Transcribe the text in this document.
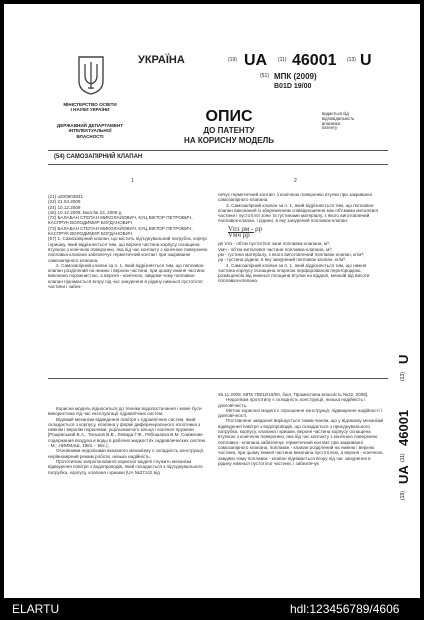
УКРАЇНА	(19) UA (11) 46001 (13) U
(51) МПК (2009)
B01D 19/00
МІНІСТЕРСТВО ОСВІТИ
І НАУКИ УКРАЇНИ
ДЕРЖАВНИЙ ДЕПАРТАМЕНТ
ІНТЕЛЕКТУАЛЬНОЇ
ВЛАСНОСТІ
ОПИС
ДО ПАТЕНТУ
НА КОРИСНУ МОДЕЛЬ
видається під
відповідальність
власника
патенту
(54) САМОЗАПІРНИЙ КЛАПАН
1	2
(21) u200903831
(22) 21.04.2009
(24) 10.12.2009
(46) 10.12.2009, Бюл.№ 23, 2009 р.
(72) БАЛАБАН СТЕПАН МИКОЛАЙОВИЧ, КУЦ ВІКТОР ПЕТРОВИЧ, КАСПРУК ВОЛОДИМИР БОГДАНОВИЧ
(73) БАЛАБАН СТЕПАН МИКОЛАЙОВИЧ, КУЦ ВІКТОР ПЕТРОВИЧ, КАСПРУК ВОЛОДИМИР БОГДАНОВИЧ
(57) 1. Самозапірний клапан, що містить під'єднувальний патрубок, корпус і кришку, який відрізняється тим, що верхня частина корпусу оснащена втулкою з конічною поверхнею, яка під час контакту з конічною поверхнею поплавка-клапана забезпечує герметичний контакт при закриванні самозапірного клапана.
2. Самозапірний клапан за п. 1, який відрізняється тим, що поплавок-клапан розділений на нижню і верхню частини, при цьому нижня частина виконана порожнистою, а верхня - конічною, завдяки чому поплавок-клапан піднімається вгору під час занурення в рідину нижньої пустотілої частини і забез-
печує герметичний контакт з конічною поверхнею втулки при закриванні самозапірного клапана.
3. Самозапірний клапан за п. 1, який відрізняється тим, що поплавок-клапан виконаний із збереженням співвідношення між об'ємами металевої частини і пустотілої зони та густинами матеріалу, з якого виготовлений поплавок-клапан, і рідини, в яку занурений поплавок-клапан:
Vпз ρм - ρр
Vмч ρр
де Vпз - об'єм пустотілої зони поплавка-клапана, м³;
Vмч - об'єм металевої частини поплавка-клапана, м³;
ρм - густина матеріалу, з якого виготовлений поплавок-клапан, кг/м³;
ρр - густина рідини, в яку занурений поплавок-клапан, кг/м³.
4. Самозапірний клапан за п. 1, який відрізняється тим, що нижня частина корпусу оснащена опорною перфорованою перегородкою, розміщеною від нижньої площини втулки на віддалі, меншій від висоти поплавка-клапана.
U
(13)
46001
(11)
UA
(19)
Корисна модель відноситься до техніки водопостачання і може бути використана під час експлуатації гідравлічних систем.
Відомий механізм відведення повітря з гідравлічних систем, який складається з корпусу, клапана у формі диференціального золотника з нижнім і верхнім поршнями, ущільнюючого кільця і конічної пружини [Рощевський В.А., Тальков В.В., Левада Г.Ф., Рябошапка В.М. Снижение содержания воздуха и воды в рабочих жидкостях гидравлических систем. - М.: НИИМАШ, 1981. - 58с.].
Основними недоліками вказаного механізму є складність конструкції, нерівномірний режим роботи, низька надійність.
Прототипом запропонованої корисної моделі служить механізм відведення повітря з водопроводів, який складається з під'єднувального патрубка, корпусу, клапана і кришки [UA №37142 від
25.11.2008. МПК 7В01D19/00, бюл. Промислова власність №22, 2008].
Недоліком прототипу є складність конструкції, низька надійність і довговічність.
Метою корисної моделі є спрощення конструкції, підвищення надійності і довговічності.
Поставлене завдання вирішується таким чином, що у відомому механізмі відведення повітря з водопроводів, що складається з приєднувального патрубка, корпусу, клапана і кришки, верхня частина корпусу оснащена втулкою з конічною поверхнею, яка під час контакту з конічною поверхнею поплавка - клапана забезпечує герметичний контакт при закриванні самозапірного клапана, поплавок - клапан розділений на нижню і верхню частини, при цьому нижня частина виконана пустотілою, а верхня - конічною, завдяки чому поплавок - клапан піднімається вгору під час занурення в рідину нижньої пустотілої частини, і забезпечує
ELARTU	hdl:123456789/4606
